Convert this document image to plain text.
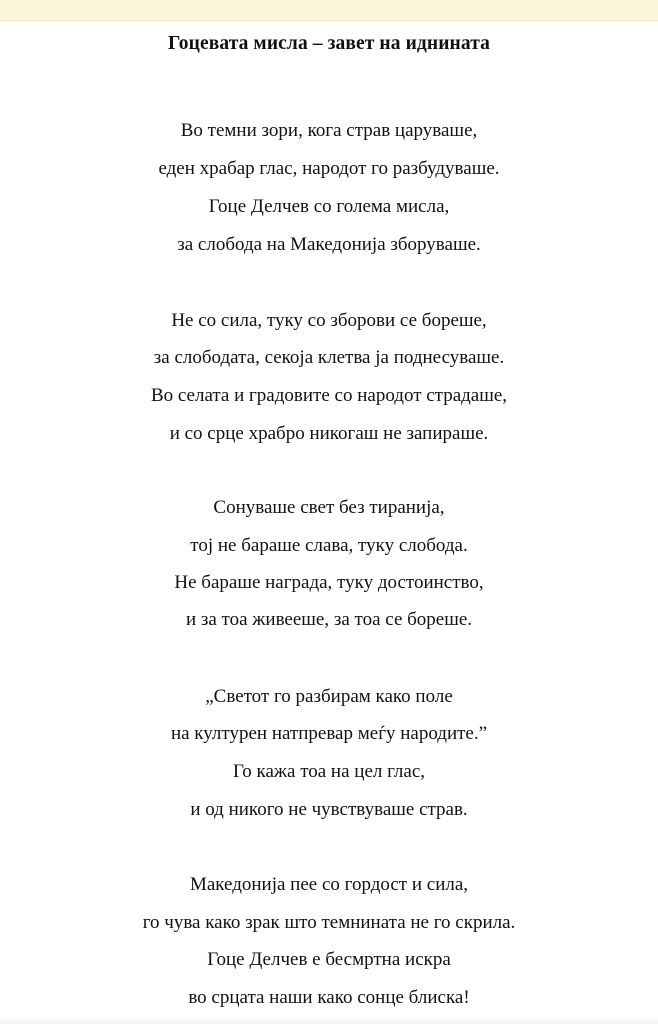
Гоцевата мисла – завет на иднината
Во темни зори, кога страв царуваше,
еден храбар глас, народот го разбудуваше.
Гоце Делчев со голема мисла,
за слобода на Македонија зборуваше.
Не со сила, туку со зборови се бореше,
за слободата, секоја клетва ја поднесуваше.
Во селата и градовите со народот страдаше,
и со срце храбро никогаш не запираше.
Сонуваше свет без тиранија,
тој не бараше слава, туку слобода.
Не бараше награда, туку достоинство,
и за тоа живееше, за тоа се бореше.
„Светот го разбирам како поле
на културен натпревар меѓу народите.”
Го кажа тоа на цел глас,
и од никого не чувствуваше страв.
Македонија пее со гордост и сила,
го чува како зрак што темнината не го скрила.
Гоце Делчев е бесмртна искра
во срцата наши како сонце блиска!
